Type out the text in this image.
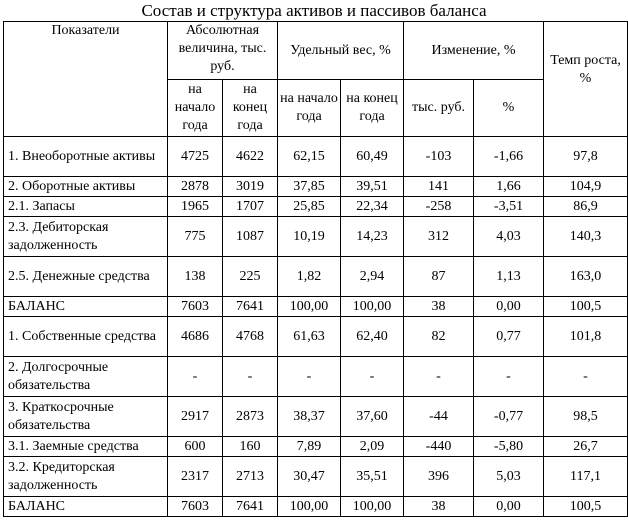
Состав и структура активов и пассивов баланса
Показатели	Абсолютная величина, тыс. руб.		Удельный вес, %		Изменение, %		Темп роста, %
	на начало года	на конец года	на начало года	на конец года	тыс. руб.	%	
1. Внеоборотные активы	4725	4622	62,15	60,49	-103	-1,66	97,8
2. Оборотные активы	2878	3019	37,85	39,51	141	1,66	104,9
2.1. Запасы	1965	1707	25,85	22,34	-258	-3,51	86,9
2.3. Дебиторская задолженность	775	1087	10,19	14,23	312	4,03	140,3
2.5. Денежные средства	138	225	1,82	2,94	87	1,13	163,0
БАЛАНС	7603	7641	100,00	100,00	38	0,00	100,5
1. Собственные средства	4686	4768	61,63	62,40	82	0,77	101,8
2. Долгосрочные обязательства	-	-	-	-	-	-	-
3. Краткосрочные обязательства	2917	2873	38,37	37,60	-44	-0,77	98,5
3.1. Заемные средства	600	160	7,89	2,09	-440	-5,80	26,7
3.2. Кредиторская задолженность	2317	2713	30,47	35,51	396	5,03	117,1
БАЛАНС	7603	7641	100,00	100,00	38	0,00	100,5
